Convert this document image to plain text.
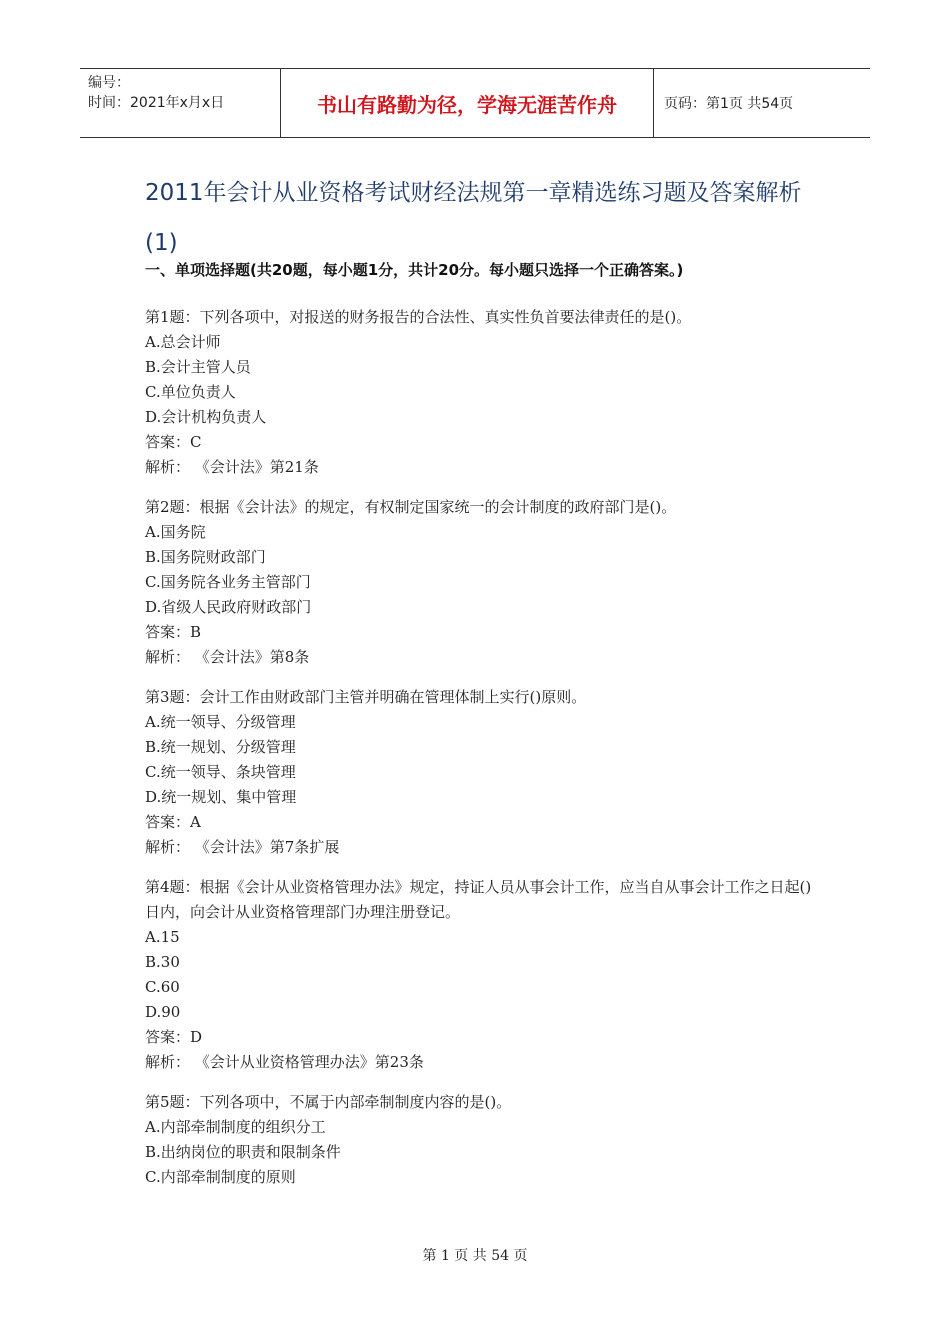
编号：
时间：2021年x月x日	书山有路勤为径，学海无涯苦作舟	页码：第1页 共54页
2011年会计从业资格考试财经法规第一章精选练习题及答案解析(1)
一、单项选择题(共20题，每小题1分，共计20分。每小题只选择一个正确答案。)
第1题：下列各项中，对报送的财务报告的合法性、真实性负首要法律责任的是()。
A.总会计师
B.会计主管人员
C.单位负责人
D.会计机构负责人
答案：C
解析： 《会计法》第21条
第2题：根据《会计法》的规定，有权制定国家统一的会计制度的政府部门是()。
A.国务院
B.国务院财政部门
C.国务院各业务主管部门
D.省级人民政府财政部门
答案：B
解析： 《会计法》第8条
第3题：会计工作由财政部门主管并明确在管理体制上实行()原则。
A.统一领导、分级管理
B.统一规划、分级管理
C.统一领导、条块管理
D.统一规划、集中管理
答案：A
解析： 《会计法》第7条扩展
第4题：根据《会计从业资格管理办法》规定，持证人员从事会计工作，应当自从事会计工作之日起()日内，向会计从业资格管理部门办理注册登记。
A.15
B.30
C.60
D.90
答案：D
解析： 《会计从业资格管理办法》第23条
第5题：下列各项中，不属于内部牵制制度内容的是()。
A.内部牵制制度的组织分工
B.出纳岗位的职责和限制条件
C.内部牵制制度的原则
第 1 页 共 54 页
